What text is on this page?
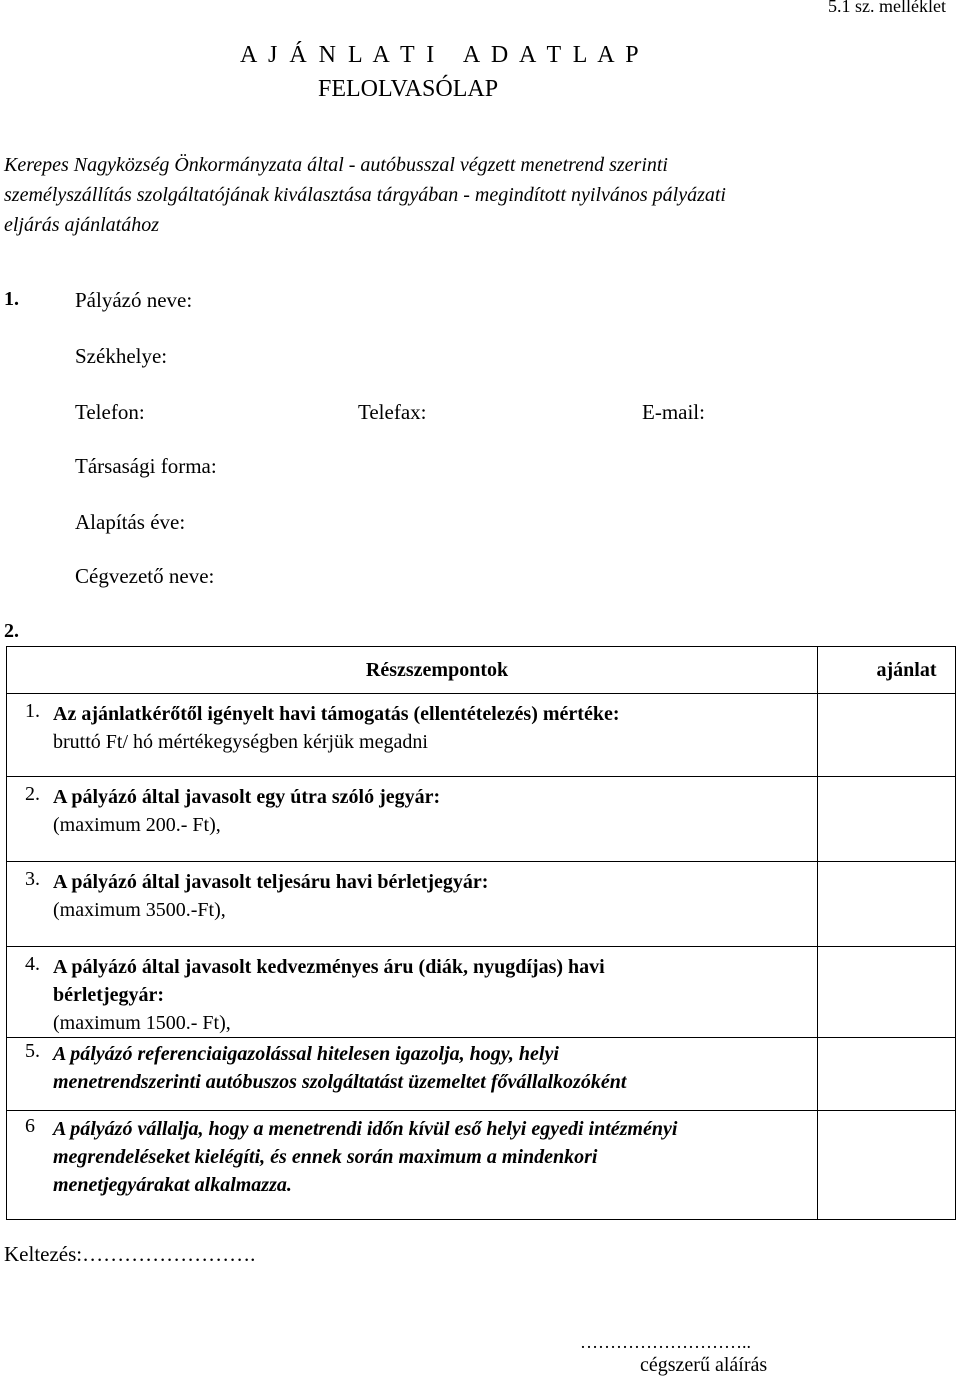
5.1 sz. melléklet
A J Á N L A T I   A D A T L A P
FELOLVASÓLAP
Kerepes Nagyközség Önkormányzata által - autóbusszal végzett menetrend szerinti
személyszállítás szolgáltatójának kiválasztása tárgyában - megindított nyilvános pályázati
eljárás ajánlatához
1.	Pályázó neve:
Székhelye:
Telefon:	Telefax:	E-mail:
Társasági forma:
Alapítás éve:
Cégvezető neve:
2.
Részszempontok	ajánlat
1. Az ajánlatkérőtől igényelt havi támogatás (ellentételezés) mértéke:
bruttó Ft/ hó mértékegységben kérjük megadni	
2. A pályázó által javasolt egy útra szóló jegyár:
(maximum 200.- Ft),	
3. A pályázó által javasolt teljesáru havi bérletjegyár:
(maximum 3500.-Ft),	
4. A pályázó által javasolt kedvezményes áru (diák, nyugdíjas) havi
bérletjegyár:
(maximum 1500.- Ft),	
5. A pályázó referenciaigazolással hitelesen igazolja, hogy, helyi
menetrendszerinti autóbuszos szolgáltatást üzemeltet fővállalkozóként	
6 A pályázó vállalja, hogy a menetrendi időn kívül eső helyi egyedi intézményi
megrendeléseket kielégíti, és ennek során maximum a mindenkori
menetjegyárakat alkalmazza.	
Keltezés:…………………….
………………………..
cégszerű aláírás
